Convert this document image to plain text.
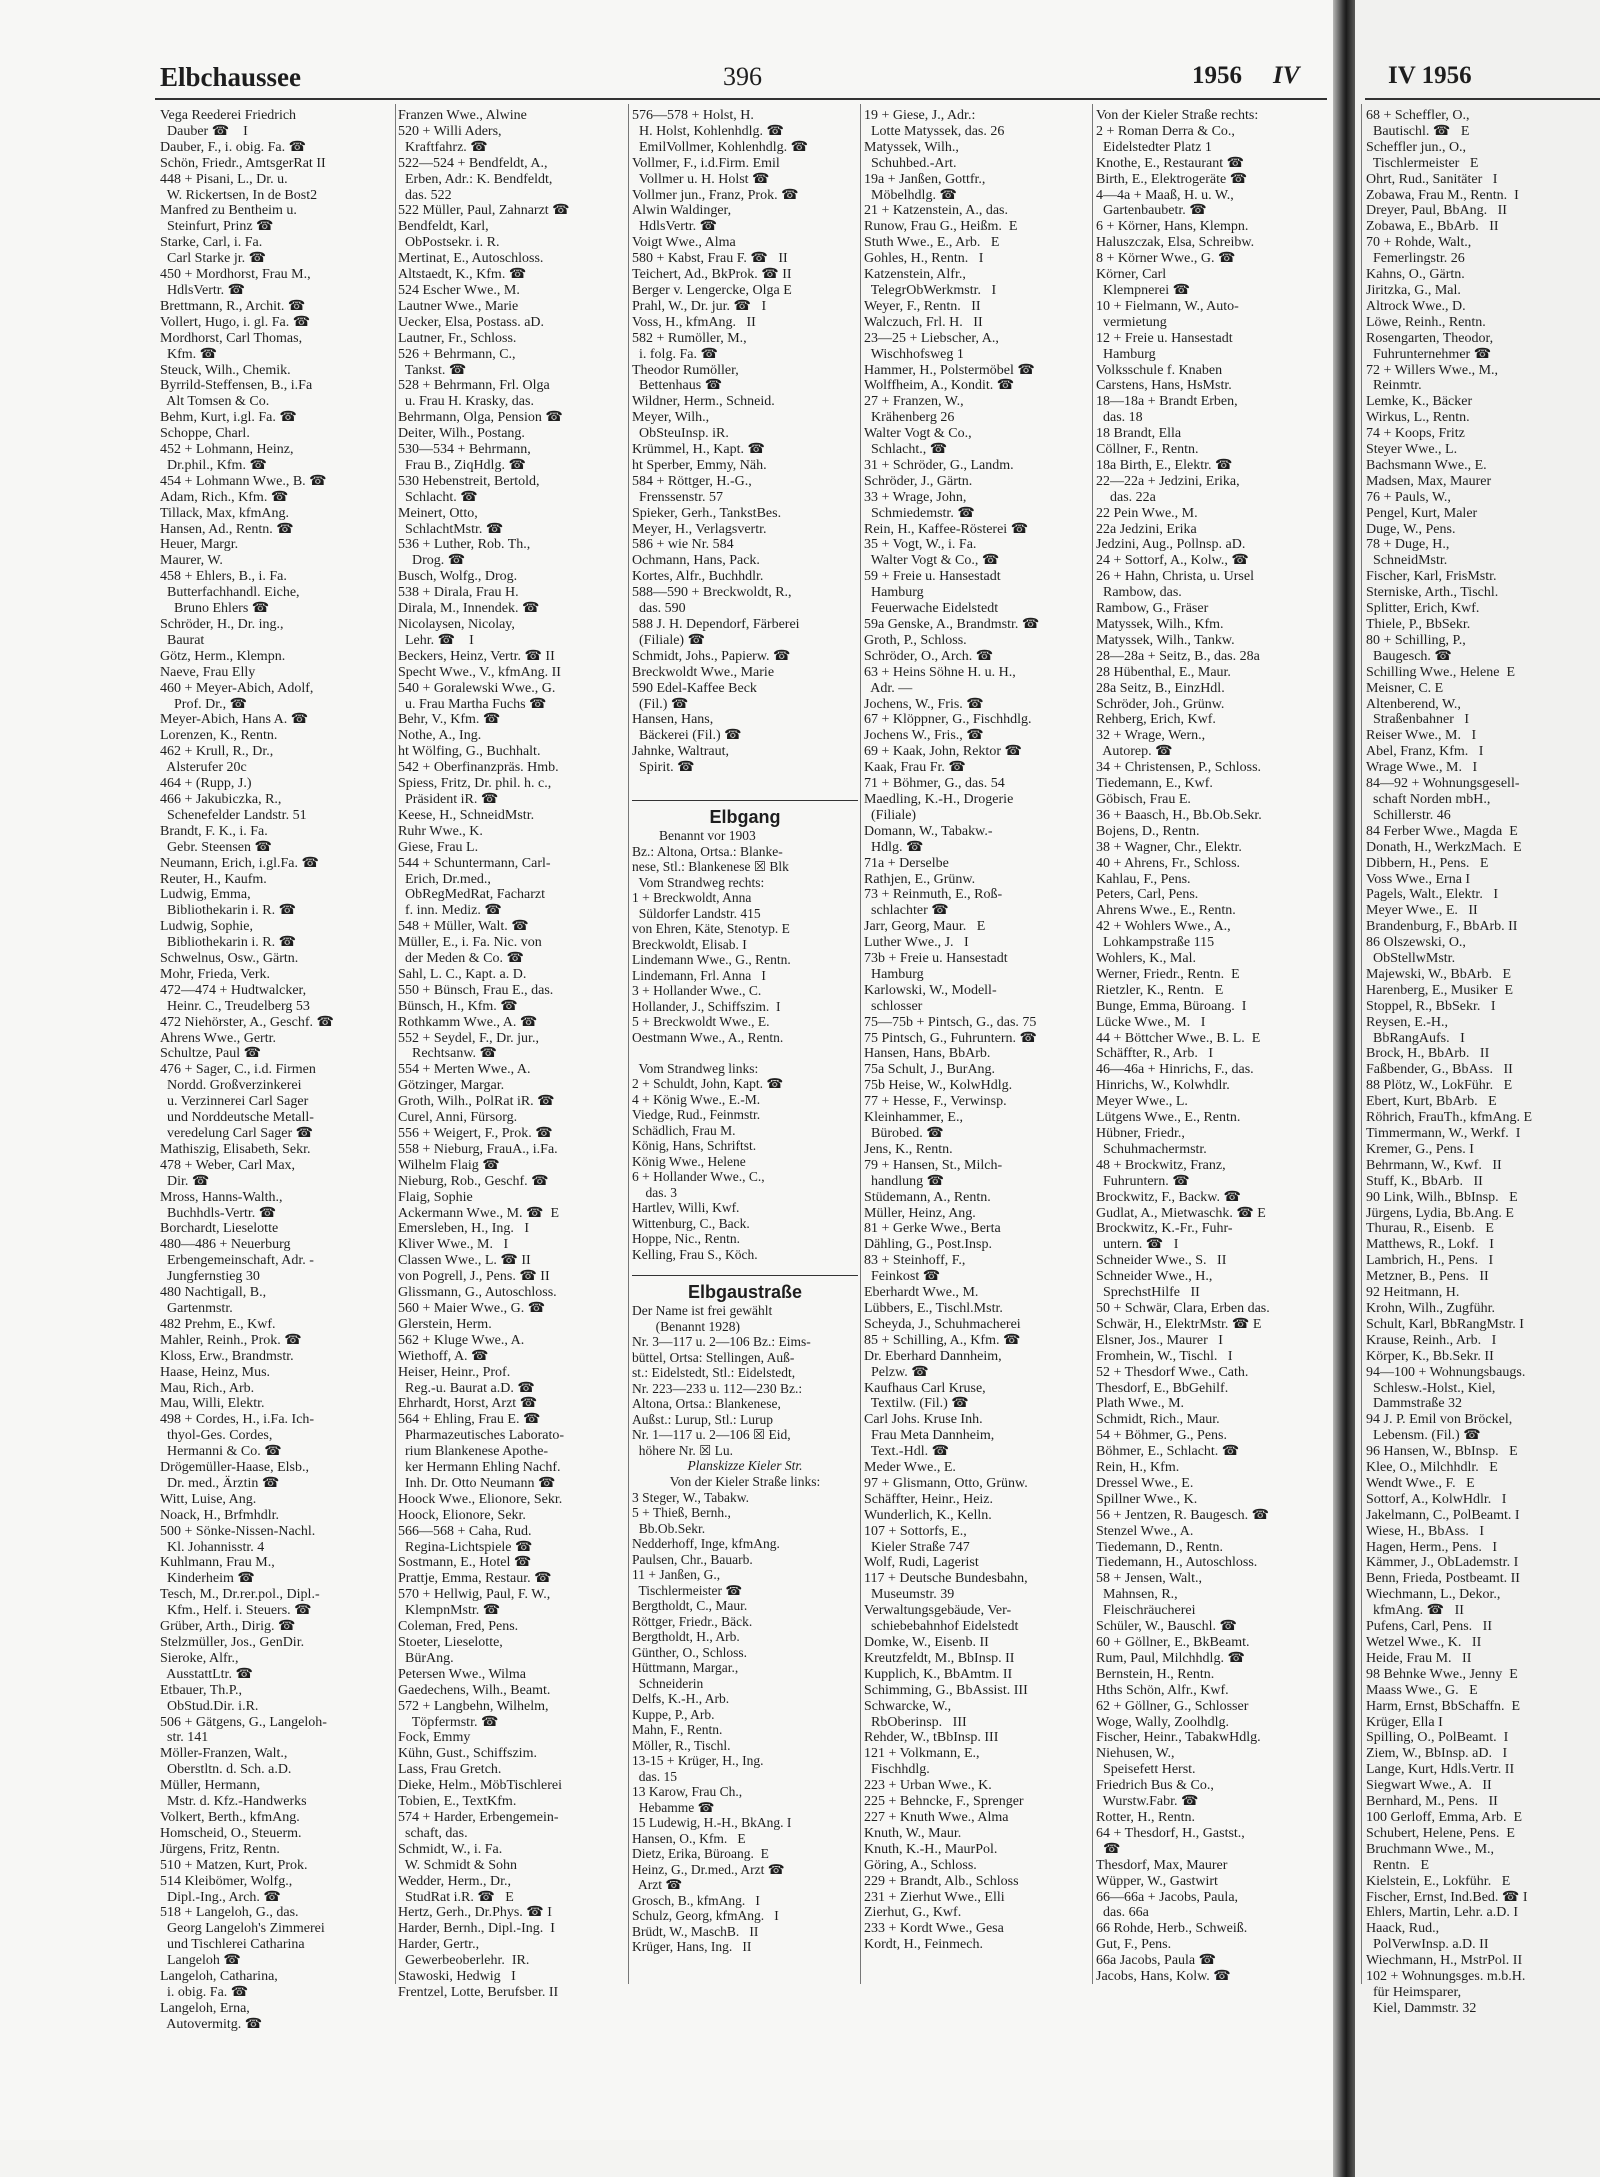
Elbchaussee	396	1956 IV	IV 1956
Vega Reederei Friedrich
Dauber ☎    I
Dauber, F., i. obig. Fa. ☎
Schön, Friedr., AmtsgerRat II
448 + Pisani, L., Dr. u.
W. Rickertsen, In de Bost2
Manfred zu Bentheim u.
Steinfurt, Prinz ☎
Starke, Carl, i. Fa.
Carl Starke jr. ☎
450 + Mordhorst, Frau M.,
HdlsVertr. ☎
Brettmann, R., Archit. ☎
Vollert, Hugo, i. gl. Fa. ☎
Mordhorst, Carl Thomas,
Kfm. ☎
Steuck, Wilh., Chemik.
Byrrild-Steffensen, B., i.Fa
Alt Tomsen & Co.
Behm, Kurt, i.gl. Fa. ☎
Schoppe, Charl.
452 + Lohmann, Heinz,
Dr.phil., Kfm. ☎
454 + Lohmann Wwe., B. ☎
Adam, Rich., Kfm. ☎
Tillack, Max, kfmAng.
Hansen, Ad., Rentn. ☎
Heuer, Margr.
Maurer, W.
458 + Ehlers, B., i. Fa.
Butterfachhandl. Eiche,
Bruno Ehlers ☎
Schröder, H., Dr. ing.,
Baurat
Götz, Herm., Klempn.
Naeve, Frau Elly
460 + Meyer-Abich, Adolf,
Prof. Dr., ☎
Meyer-Abich, Hans A. ☎
Lorenzen, K., Rentn.
462 + Krull, R., Dr.,
Alsterufer 20c
464 + (Rupp, J.)
466 + Jakubiczka, R.,
Schenefelder Landstr. 51
Brandt, F. K., i. Fa.
Gebr. Steensen ☎
Neumann, Erich, i.gl.Fa. ☎
Reuter, H., Kaufm.
Ludwig, Emma,
Bibliothekarin i. R. ☎
Ludwig, Sophie,
Bibliothekarin i. R. ☎
Schwelnus, Osw., Gärtn.
Mohr, Frieda, Verk.
472—474 + Hudtwalcker,
Heinr. C., Treudelberg 53
472 Niehörster, A., Geschf. ☎
Ahrens Wwe., Gertr.
Schultze, Paul ☎
476 + Sager, C., i.d. Firmen
Nordd. Großverzinkerei
u. Verzinnerei Carl Sager
und Norddeutsche Metall-
veredelung Carl Sager ☎
Mathiszig, Elisabeth, Sekr.
478 + Weber, Carl Max,
Dir. ☎
Mross, Hanns-Walth.,
Buchhdls-Vertr. ☎
Borchardt, Lieselotte
480—486 + Neuerburg
Erbengemeinschaft, Adr. -
Jungfernstieg 30
480 Nachtigall, B.,
Gartenmstr.
482 Prehm, E., Kwf.
Mahler, Reinh., Prok. ☎
Kloss, Erw., Brandmstr.
Haase, Heinz, Mus.
Mau, Rich., Arb.
Mau, Willi, Elektr.
498 + Cordes, H., i.Fa. Ich-
thyol-Ges. Cordes,
Hermanni & Co. ☎
Drögemüller-Haase, Elsb.,
Dr. med., Ärztin ☎
Witt, Luise, Ang.
Noack, H., Brfmhdlr.
500 + Sönke-Nissen-Nachl.
Kl. Johannisstr. 4
Kuhlmann, Frau M.,
Kinderheim ☎
Tesch, M., Dr.rer.pol., Dipl.-
Kfm., Helf. i. Steuers. ☎
Grüber, Arth., Dirig. ☎
Stelzmüller, Jos., GenDir.
Sieroke, Alfr.,
AusstattLtr. ☎
Etbauer, Th.P.,
ObStud.Dir. i.R.
506 + Gätgens, G., Langeloh-
str. 141
Möller-Franzen, Walt.,
Oberstltn. d. Sch. a.D.
Müller, Hermann,
Mstr. d. Kfz.-Handwerks
Volkert, Berth., kfmAng.
Homscheid, O., Steuerm.
Jürgens, Fritz, Rentn.
510 + Matzen, Kurt, Prok.
514 Kleibömer, Wolfg.,
Dipl.-Ing., Arch. ☎
518 + Langeloh, G., das.
Georg Langeloh's Zimmerei
und Tischlerei Catharina
Langeloh ☎
Langeloh, Catharina,
i. obig. Fa. ☎
Langeloh, Erna,
Autovermitg. ☎
Franzen Wwe., Alwine
520 + Willi Aders,
Kraftfahrz. ☎
522—524 + Bendfeldt, A.,
Erben, Adr.: K. Bendfeldt,
das. 522
522 Müller, Paul, Zahnarzt ☎
Bendfeldt, Karl,
ObPostsekr. i. R.
Mertinat, E., Autoschloss.
Altstaedt, K., Kfm. ☎
524 Escher Wwe., M.
Lautner Wwe., Marie
Uecker, Elsa, Postass. aD.
Lautner, Fr., Schloss.
526 + Behrmann, C.,
Tankst. ☎
528 + Behrmann, Frl. Olga
u. Frau H. Krasky, das.
Behrmann, Olga, Pension ☎
Deiter, Wilh., Postang.
530—534 + Behrmann,
Frau B., ZiqHdlg. ☎
530 Hebenstreit, Bertold,
Schlacht. ☎
Meinert, Otto,
SchlachtMstr. ☎
536 + Luther, Rob. Th.,
Drog. ☎
Busch, Wolfg., Drog.
538 + Dirala, Frau H.
Dirala, M., Innendek. ☎
Nicolaysen, Nicolay,
Lehr. ☎    I
Beckers, Heinz, Vertr. ☎ II
Specht Wwe., V., kfmAng. II
540 + Goralewski Wwe., G.
u. Frau Martha Fuchs ☎
Behr, V., Kfm. ☎
Nothe, A., Ing.
ht Wölfing, G., Buchhalt.
542 + Oberfinanzpräs. Hmb.
Spiess, Fritz, Dr. phil. h. c.,
Präsident iR. ☎
Keese, H., SchneidMstr.
Ruhr Wwe., K.
Giese, Frau L.
544 + Schuntermann, Carl-
Erich, Dr.med.,
ObRegMedRat, Facharzt
f. inn. Mediz. ☎
548 + Müller, Walt. ☎
Müller, E., i. Fa. Nic. von
der Meden & Co. ☎
Sahl, L. C., Kapt. a. D.
550 + Bünsch, Frau E., das.
Bünsch, H., Kfm. ☎
Rothkamm Wwe., A. ☎
552 + Seydel, F., Dr. jur.,
Rechtsanw. ☎
554 + Merten Wwe., A.
Götzinger, Margar.
Groth, Wilh., PolRat iR. ☎
Curel, Anni, Fürsorg.
556 + Weigert, F., Prok. ☎
558 + Nieburg, FrauA., i.Fa.
Wilhelm Flaig ☎
Nieburg, Rob., Geschf. ☎
Flaig, Sophie
Ackermann Wwe., M. ☎  E
Emersleben, H., Ing.   I
Kliver Wwe., M.   I
Classen Wwe., L. ☎ II
von Pogrell, J., Pens. ☎ II
Glissmann, G., Autoschloss.
560 + Maier Wwe., G. ☎
Glerstein, Herm.
562 + Kluge Wwe., A.
Wiethoff, A. ☎
Heiser, Heinr., Prof.
Reg.-u. Baurat a.D. ☎
Ehrhardt, Horst, Arzt ☎
564 + Ehling, Frau E. ☎
Pharmazeutisches Laborato-
rium Blankenese Apothe-
ker Hermann Ehling Nachf.
Inh. Dr. Otto Neumann ☎
Hoock Wwe., Elionore, Sekr.
Hoock, Elionore, Sekr.
566—568 + Caha, Rud.
Regina-Lichtspiele ☎
Sostmann, E., Hotel ☎
Prattje, Emma, Restaur. ☎
570 + Hellwig, Paul, F. W.,
KlempnMstr. ☎
Coleman, Fred, Pens.
Stoeter, Lieselotte,
BürAng.
Petersen Wwe., Wilma
Gaedechens, Wilh., Beamt.
572 + Langbehn, Wilhelm,
Töpfermstr. ☎
Fock, Emmy
Kühn, Gust., Schiffszim.
Lass, Frau Gretch.
Dieke, Helm., MöbTischlerei
Tobien, E., TextKfm.
574 + Harder, Erbengemein-
schaft, das.
Schmidt, W., i. Fa.
W. Schmidt & Sohn
Wedder, Herm., Dr.,
StudRat i.R. ☎   E
Hertz, Gerh., Dr.Phys. ☎ I
Harder, Bernh., Dipl.-Ing.  I
Harder, Gertr.,
Gewerbeoberlehr.  IR.
Stawoski, Hedwig   I
Frentzel, Lotte, Berufsber. II
576—578 + Holst, H.
H. Holst, Kohlenhdlg. ☎
EmilVollmer, Kohlenhdlg. ☎
Vollmer, F., i.d.Firm. Emil
Vollmer u. H. Holst ☎
Vollmer jun., Franz, Prok. ☎
Alwin Waldinger,
HdlsVertr. ☎
Voigt Wwe., Alma
580 + Kabst, Frau F. ☎   II
Teichert, Ad., BkProk. ☎ II
Berger v. Lengercke, Olga E
Prahl, W., Dr. jur. ☎   I
Voss, H., kfmAng.   II
582 + Rumöller, M.,
i. folg. Fa. ☎
Theodor Rumöller,
Bettenhaus ☎
Wildner, Herm., Schneid.
Meyer, Wilh.,
ObSteuInsp. iR.
Krümmel, H., Kapt. ☎
ht Sperber, Emmy, Näh.
584 + Röttger, H.-G.,
Frenssenstr. 57
Spieker, Gerh., TankstBes.
Meyer, H., Verlagsvertr.
586 + wie Nr. 584
Ochmann, Hans, Pack.
Kortes, Alfr., Buchhdlr.
588—590 + Breckwoldt, R.,
das. 590
588 J. H. Dependorf, Färberei
(Filiale) ☎
Schmidt, Johs., Papierw. ☎
Breckwoldt Wwe., Marie
590 Edel-Kaffee Beck
(Fil.) ☎
Hansen, Hans,
Bäckerei (Fil.) ☎
Jahnke, Waltraut,
Spirit. ☎
19 + Giese, J., Adr.:
Lotte Matyssek, das. 26
Matyssek, Wilh.,
Schuhbed.-Art.
19a + Janßen, Gottfr.,
Möbelhdlg. ☎
21 + Katzenstein, A., das.
Runow, Frau G., Heißm.  E
Stuth Wwe., E., Arb.   E
Gohles, H., Rentn.   I
Katzenstein, Alfr.,
TelegrObWerkmstr.   I
Weyer, F., Rentn.   II
Walczuch, Frl. H.   II
23—25 + Liebscher, A.,
Wischhofsweg 1
Hammer, H., Polstermöbel ☎
Wolffheim, A., Kondit. ☎
27 + Franzen, W.,
Krähenberg 26
Walter Vogt & Co.,
Schlacht., ☎
31 + Schröder, G., Landm.
Schröder, J., Gärtn.
33 + Wrage, John,
Schmiedemstr. ☎
Rein, H., Kaffee-Rösterei ☎
35 + Vogt, W., i. Fa.
Walter Vogt & Co., ☎
59 + Freie u. Hansestadt
Hamburg
Feuerwache Eidelstedt
59a Genske, A., Brandmstr. ☎
Groth, P., Schloss.
Schröder, O., Arch. ☎
63 + Heins Söhne H. u. H.,
Adr. —
Jochens, W., Fris. ☎
67 + Klöppner, G., Fischhdlg.
Jochens W., Fris., ☎
69 + Kaak, John, Rektor ☎
Kaak, Frau Fr. ☎
71 + Böhmer, G., das. 54
Maedling, K.-H., Drogerie
(Filiale)
Domann, W., Tabakw.-
Hdlg. ☎
71a + Derselbe
Rathjen, E., Grünw.
73 + Reinmuth, E., Roß-
schlachter ☎
Jarr, Georg, Maur.   E
Luther Wwe., J.   I
73b + Freie u. Hansestadt
Hamburg
Karlowski, W., Modell-
schlosser
75—75b + Pintsch, G., das. 75
75 Pintsch, G., Fuhruntern. ☎
Hansen, Hans, BbArb.
75a Schult, J., BurAng.
75b Heise, W., KolwHdlg.
77 + Hesse, F., Verwinsp.
Kleinhammer, E.,
Bürobed. ☎
Jens, K., Rentn.
79 + Hansen, St., Milch-
handlung ☎
Stüdemann, A., Rentn.
Müller, Heinz, Ang.
81 + Gerke Wwe., Berta
Dähling, G., Post.Insp.
83 + Steinhoff, F.,
Feinkost ☎
Eberhardt Wwe., M.
Lübbers, E., Tischl.Mstr.
Scheyda, J., Schuhmacherei
85 + Schilling, A., Kfm. ☎
Dr. Eberhard Dannheim,
Pelzw. ☎
Kaufhaus Carl Kruse,
Textilw. (Fil.) ☎
Carl Johs. Kruse Inh.
Frau Meta Dannheim,
Text.-Hdl. ☎
Meder Wwe., E.
97 + Glismann, Otto, Grünw.
Schäffter, Heinr., Heiz.
Wunderlich, K., Kelln.
107 + Sottorfs, E.,
Kieler Straße 747
Wolf, Rudi, Lagerist
117 + Deutsche Bundesbahn,
Museumstr. 39
Verwaltungsgebäude, Ver-
schiebebahnhof Eidelstedt
Domke, W., Eisenb. II
Kreutzfeldt, M., BbInsp. II
Kupplich, K., BbAmtm. II
Schimming, G., BbAssist. III
Schwarcke, W.,
RbOberinsp.   III
Rehder, W., tBbInsp. III
121 + Volkmann, E.,
Fischhdlg.
223 + Urban Wwe., K.
225 + Behncke, F., Sprenger
227 + Knuth Wwe., Alma
Knuth, W., Maur.
Knuth, K.-H., MaurPol.
Göring, A., Schloss.
229 + Brandt, Alb., Schloss
231 + Zierhut Wwe., Elli
Zierhut, G., Kwf.
233 + Kordt Wwe., Gesa
Kordt, H., Feinmech.
Von der Kieler Straße rechts:
2 + Roman Derra & Co.,
Eidelstedter Platz 1
Knothe, E., Restaurant ☎
Birth, E., Elektrogeräte ☎
4—4a + Maaß, H. u. W.,
Gartenbaubetr. ☎
6 + Körner, Hans, Klempn.
Haluszczak, Elsa, Schreibw.
8 + Körner Wwe., G. ☎
Körner, Carl
Klempnerei ☎
10 + Fielmann, W., Auto-
vermietung
12 + Freie u. Hansestadt
Hamburg
Volksschule f. Knaben
Carstens, Hans, HsMstr.
18—18a + Brandt Erben,
das. 18
18 Brandt, Ella
Cöllner, F., Rentn.
18a Birth, E., Elektr. ☎
22—22a + Jedzini, Erika,
das. 22a
22 Pein Wwe., M.
22a Jedzini, Erika
Jedzini, Aug., Pollnsp. aD.
24 + Sottorf, A., Kolw., ☎
26 + Hahn, Christa, u. Ursel
Rambow, das.
Rambow, G., Fräser
Matyssek, Wilh., Kfm.
Matyssek, Wilh., Tankw.
28—28a + Seitz, B., das. 28a
28 Hübenthal, E., Maur.
28a Seitz, B., EinzHdl.
Schröder, Joh., Grünw.
Rehberg, Erich, Kwf.
32 + Wrage, Wern.,
Autorep. ☎
34 + Christensen, P., Schloss.
Tiedemann, E., Kwf.
Göbisch, Frau E.
36 + Baasch, H., Bb.Ob.Sekr.
Bojens, D., Rentn.
38 + Wagner, Chr., Elektr.
40 + Ahrens, Fr., Schloss.
Kahlau, F., Pens.
Peters, Carl, Pens.
Ahrens Wwe., E., Rentn.
42 + Wohlers Wwe., A.,
Lohkampstraße 115
Wohlers, K., Mal.
Werner, Friedr., Rentn.  E
Rietzler, K., Rentn.   E
Bunge, Emma, Büroang.  I
Lücke Wwe., M.   I
44 + Böttcher Wwe., B. L.  E
Schäffter, R., Arb.   I
46—46a + Hinrichs, F., das.
Hinrichs, W., Kolwhdlr.
Meyer Wwe., L.
Lütgens Wwe., E., Rentn.
Hübner, Friedr.,
Schuhmachermstr.
48 + Brockwitz, Franz,
Fuhruntern. ☎
Brockwitz, F., Backw. ☎
Gudlat, A., Mietwaschk. ☎ E
Brockwitz, K.-Fr., Fuhr-
untern. ☎   I
Schneider Wwe., S.   II
Schneider Wwe., H.,
SprechstHilfe   II
50 + Schwär, Clara, Erben das.
Schwär, H., ElektrMstr. ☎ E
Elsner, Jos., Maurer   I
Fromhein, W., Tischl.   I
52 + Thesdorf Wwe., Cath.
Thesdorf, E., BbGehilf.
Plath Wwe., M.
Schmidt, Rich., Maur.
54 + Böhmer, G., Pens.
Böhmer, E., Schlacht. ☎
Rein, H., Kfm.
Dressel Wwe., E.
Spillner Wwe., K.
56 + Jentzen, R. Baugesch. ☎
Stenzel Wwe., A.
Tiedemann, D., Rentn.
Tiedemann, H., Autoschloss.
58 + Jensen, Walt.,
Mahnsen, R.,
Fleischräucherei
Schüler, W., Bauschl. ☎
60 + Göllner, E., BkBeamt.
Rum, Paul, Milchhdlg. ☎
Bernstein, H., Rentn.
Hths Schön, Alfr., Kwf.
62 + Göllner, G., Schlosser
Woge, Wally, Zoolhdlg.
Fischer, Heinr., TabakwHdlg.
Niehusen, W.,
Speisefett Herst.
Friedrich Bus & Co.,
Wurstw.Fabr. ☎
Rotter, H., Rentn.
64 + Thesdorf, H., Gastst.,
☎
Thesdorf, Max, Maurer
Wüpper, W., Gastwirt
66—66a + Jacobs, Paula,
das. 66a
66 Rohde, Herb., Schweiß.
Gut, F., Pens.
66a Jacobs, Paula ☎
Jacobs, Hans, Kolw. ☎
68 + Scheffler, O.,
Bautischl. ☎   E
Scheffler jun., O.,
Tischlermeister   E
Ohrt, Rud., Sanitäter   I
Zobawa, Frau M., Rentn.  I
Dreyer, Paul, BbAng.   II
Zobawa, E., BbArb.   II
70 + Rohde, Walt.,
Femerlingstr. 26
Kahns, O., Gärtn.
Jiritzka, G., Mal.
Altrock Wwe., D.
Löwe, Reinh., Rentn.
Rosengarten, Theodor,
Fuhrunternehmer ☎
72 + Willers Wwe., M.,
Reinmtr.
Lemke, K., Bäcker
Wirkus, L., Rentn.
74 + Koops, Fritz
Steyer Wwe., L.
Bachsmann Wwe., E.
Madsen, Max, Maurer
76 + Pauls, W.,
Pengel, Kurt, Maler
Duge, W., Pens.
78 + Duge, H.,
SchneidMstr.
Fischer, Karl, FrisMstr.
Sterniske, Arth., Tischl.
Splitter, Erich, Kwf.
Thiele, P., BbSekr.
80 + Schilling, P.,
Baugesch. ☎
Schilling Wwe., Helene  E
Meisner, C. E
Altenberend, W.,
Straßenbahner   I
Reiser Wwe., M.   I
Abel, Franz, Kfm.   I
Wrage Wwe., M.   I
84—92 + Wohnungsgesell-
schaft Norden mbH.,
Schillerstr. 46
84 Ferber Wwe., Magda  E
Donath, H., WerkzMach.  E
Dibbern, H., Pens.   E
Voss Wwe., Erna I
Pagels, Walt., Elektr.   I
Meyer Wwe., E.   II
Brandenburg, F., BbArb. II
86 Olszewski, O.,
ObStellwMstr.
Majewski, W., BbArb.   E
Harenberg, E., Musiker  E
Stoppel, R., BbSekr.   I
Reysen, E.-H.,
BbRangAufs.   I
Brock, H., BbArb.   II
Faßbender, G., BbAss.   II
88 Plötz, W., LokFühr.   E
Ebert, Kurt, BbArb.   E
Röhrich, FrauTh., kfmAng. E
Timmermann, W., Werkf.  I
Kremer, G., Pens. I
Behrmann, W., Kwf.   II
Stuff, K., BbArb.   II
90 Link, Wilh., BbInsp.   E
Jürgens, Lydia, Bb.Ang. E
Thurau, R., Eisenb.   E
Matthews, R., Lokf.   I
Lambrich, H., Pens.   I
Metzner, B., Pens.   II
92 Heitmann, H.
Krohn, Wilh., Zugführ.
Schult, Karl, BbRangMstr. I
Krause, Reinh., Arb.   I
Körper, K., Bb.Sekr. II
94—100 + Wohnungsbaugs.
Schlesw.-Holst., Kiel,
Dammstraße 32
94 J. P. Emil von Bröckel,
Lebensm. (Fil.) ☎
96 Hansen, W., BbInsp.   E
Klee, O., Milchhdlr.   E
Wendt Wwe., F.   E
Sottorf, A., KolwHdlr.   I
Jakelmann, C., PolBeamt. I
Wiese, H., BbAss.   I
Hagen, Herm., Pens.   I
Kämmer, J., ObLademstr. I
Benn, Frieda, Postbeamt. II
Wiechmann, L., Dekor.,
kfmAng. ☎   II
Pufens, Carl, Pens.   II
Wetzel Wwe., K.   II
Heide, Frau M.   II
98 Behnke Wwe., Jenny  E
Maass Wwe., G.   E
Harm, Ernst, BbSchaffn.  E
Krüger, Ella I
Spilling, O., PolBeamt.  I
Ziem, W., BbInsp. aD.   I
Lange, Kurt, Hdls.Vertr. II
Siegwart Wwe., A.   II
Bernhard, M., Pens.   II
100 Gerloff, Emma, Arb.  E
Schubert, Helene, Pens.  E
Bruchmann Wwe., M.,
Rentn.   E
Kielstein, E., Lokführ.   E
Fischer, Ernst, Ind.Bed. ☎ I
Ehlers, Martin, Lehr. a.D. I
Haack, Rud.,
PolVerwInsp. a.D. II
Wiechmann, H., MstrPol. II
102 + Wohnungsges. m.b.H.
für Heimsparer,
Kiel, Dammstr. 32
Elbgang
Benannt vor 1903
Bz.: Altona, Ortsa.: Blanke-
nese, Stl.: Blankenese ☒ Blk
Vom Strandweg rechts:
1 + Breckwoldt, Anna
Süldorfer Landstr. 415
von Ehren, Käte, Stenotyp. E
Breckwoldt, Elisab. I
Lindemann Wwe., G., Rentn.
Lindemann, Frl. Anna   I
3 + Hollander Wwe., C.
Hollander, J., Schiffszim.  I
5 + Breckwoldt Wwe., E.
Oestmann Wwe., A., Rentn.

Vom Strandweg links:
2 + Schuldt, John, Kapt. ☎
4 + König Wwe., E.-M.
Viedge, Rud., Feinmstr.
Schädlich, Frau M.
König, Hans, Schriftst.
König Wwe., Helene
6 + Hollander Wwe., C.,
das. 3
Hartlev, Willi, Kwf.
Wittenburg, C., Back.
Hoppe, Nic., Rentn.
Kelling, Frau S., Köch.
Elbgaustraße
Der Name ist frei gewählt
(Benannt 1928)
Nr. 3—117 u. 2—106 Bz.: Eims-
büttel, Ortsa: Stellingen, Auß-
st.: Eidelstedt, Stl.: Eidelstedt,
Nr. 223—233 u. 112—230 Bz.:
Altona, Ortsa.: Blankenese,
Außst.: Lurup, Stl.: Lurup
Nr. 1—117 u. 2—106 ☒ Eid,
höhere Nr. ☒ Lu.
Planskizze Kieler Str.
Von der Kieler Straße links:
3 Steger, W., Tabakw.
5 + Thieß, Bernh.,
Bb.Ob.Sekr.
Nedderhoff, Inge, kfmAng.
Paulsen, Chr., Bauarb.
11 + Janßen, G.,
Tischlermeister ☎
Bergtholdt, C., Maur.
Röttger, Friedr., Bäck.
Bergtholdt, H., Arb.
Günther, O., Schloss.
Hüttmann, Margar.,
Schneiderin
Delfs, K.-H., Arb.
Kuppe, P., Arb.
Mahn, F., Rentn.
Möller, R., Tischl.
13-15 + Krüger, H., Ing.
das. 15
13 Karow, Frau Ch.,
Hebamme ☎
15 Ludewig, H.-H., BkAng. I
Hansen, O., Kfm.   E
Dietz, Erika, Büroang.  E
Heinz, G., Dr.med., Arzt ☎
Arzt ☎
Grosch, B., kfmAng.   I
Schulz, Georg, kfmAng.   I
Brüdt, W., MaschB.   II
Krüger, Hans, Ing.   II
